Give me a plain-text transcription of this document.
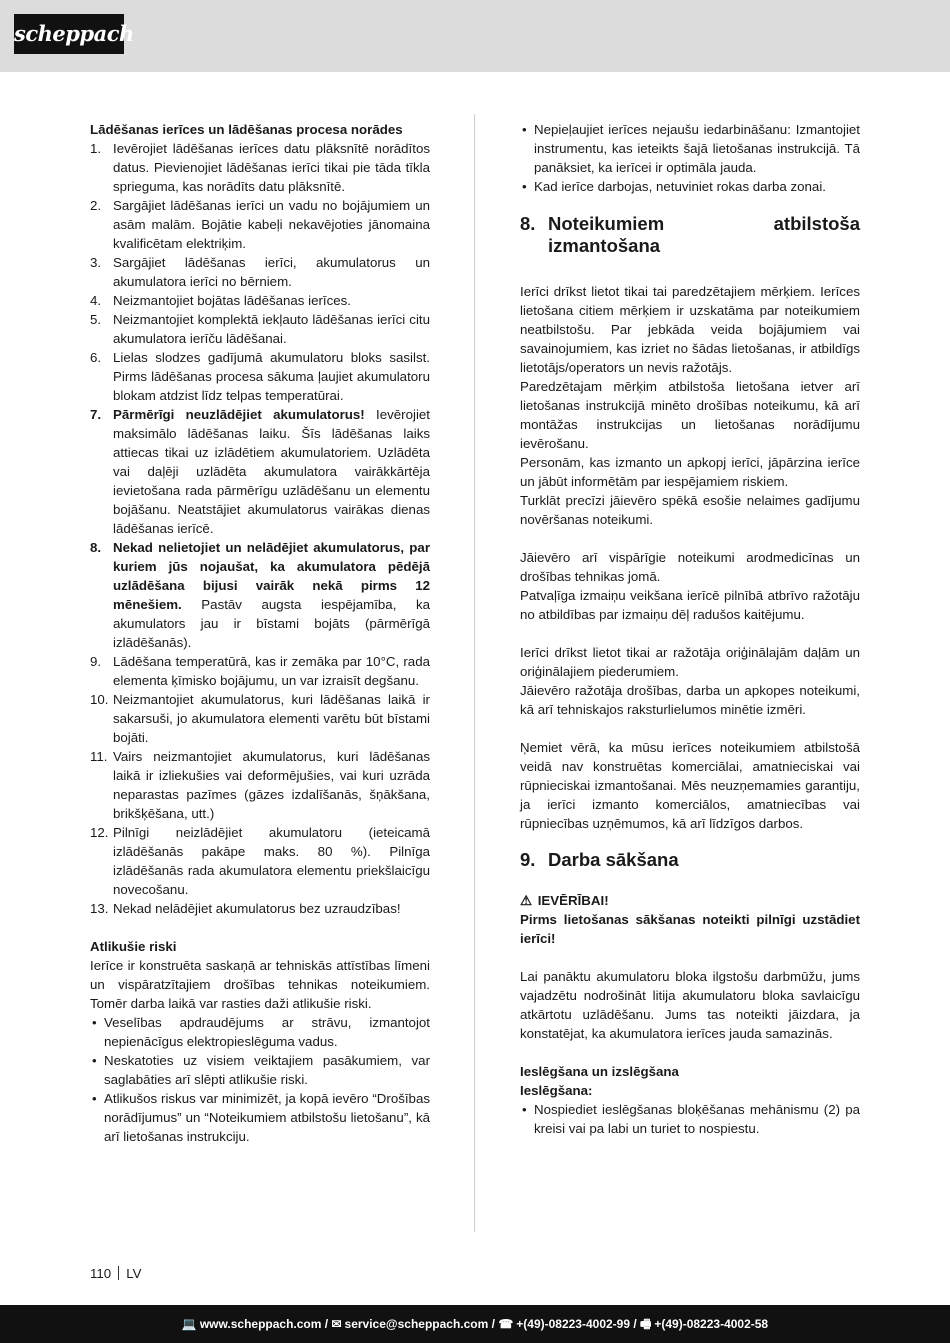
scheppach

Lādēšanas ierīces un lādēšanas procesa norādes

1. Ievērojiet lādēšanas ierīces datu plāksnītē norādītos datus. Pievienojiet lādēšanas ierīci tikai pie tāda tīkla sprieguma, kas norādīts datu plāksnītē.
2. Sargājiet lādēšanas ierīci un vadu no bojājumiem un asām malām. Bojātie kabeļi nekavējoties jānomaina kvalificētam elektriķim.
3. Sargājiet lādēšanas ierīci, akumulatorus un akumulatora ierīci no bērniem.
4. Neizmantojiet bojātas lādēšanas ierīces.
5. Neizmantojiet komplektā iekļauto lādēšanas ierīci citu akumulatora ierīču lādēšanai.
6. Lielas slodzes gadījumā akumulatoru bloks sasilst. Pirms lādēšanas procesa sākuma ļaujiet akumulatoru blokam atdzist līdz telpas temperatūrai.
7. Pārmērīgi neuzlādējiet akumulatorus! Ievērojiet maksimālo lādēšanas laiku. Šīs lādēšanas laiks attiecas tikai uz izlādētiem akumulatoriem. Uzlādēta vai daļēji uzlādēta akumulatora vairākkārtēja ievietošana rada pārmērīgu uzlādēšanu un elementu bojāšanu. Neatstājiet akumulatorus vairākas dienas lādēšanas ierīcē.
8. Nekad nelietojiet un nelādējiet akumulatorus, par kuriem jūs nojaušat, ka akumulatora pēdējā uzlādēšana bijusi vairāk nekā pirms 12 mēnešiem. Pastāv augsta iespējamība, ka akumulators jau ir bīstami bojāts (pārmērīgā izlādēšanās).
9. Lādēšana temperatūrā, kas ir zemāka par 10°C, rada elementa ķīmisko bojājumu, un var izraisīt degšanu.
10. Neizmantojiet akumulatorus, kuri lādēšanas laikā ir sakarsuši, jo akumulatora elementi varētu būt bīstami bojāti.
11. Vairs neizmantojiet akumulatorus, kuri lādēšanas laikā ir izliekušies vai deformējušies, vai kuri uzrāda neparastas pazīmes (gāzes izdalīšanās, šņākšana, brikšķēšana, utt.)
12. Pilnīgi neizlādējiet akumulatoru (ieteicamā izlādēšanās pakāpe maks. 80 %). Pilnīga izlādēšanās rada akumulatora elementu priekšlaicīgu novecošanu.
13. Nekad nelādējiet akumulatorus bez uzraudzības!

Atlikušie riski

Ierīce ir konstruēta saskaņā ar tehniskās attīstības līmeni un vispāratzītajiem drošības tehnikas noteikumiem. Tomēr darba laikā var rasties daži atlikušie riski.

• Veselības apdraudējums ar strāvu, izmantojot nepienācīgus elektropieslēguma vadus.
• Neskatoties uz visiem veiktajiem pasākumiem, var saglabāties arī slēpti atlikušie riski.
• Atlikušos riskus var minimizēt, ja kopā ievēro “Drošības norādījumus” un “Noteikumiem atbilstošu lietošanu”, kā arī lietošanas instrukciju.
• Nepieļaujiet ierīces nejaušu iedarbināšanu: Izmantojiet instrumentu, kas ieteikts šajā lietošanas instrukcijā. Tā panāksiet, ka ierīcei ir optimāla jauda.
• Kad ierīce darbojas, netuviniet rokas darba zonai.

8. Noteikumiem atbilstoša izmantošana

Ierīci drīkst lietot tikai tai paredzētajiem mērķiem. Ierīces lietošana citiem mērķiem ir uzskatāma par noteikumiem neatbilstošu. Par jebkāda veida bojājumiem vai savainojumiem, kas izriet no šādas lietošanas, ir atbildīgs lietotājs/operators un nevis ražotājs.

Paredzētajam mērķim atbilstoša lietošana ietver arī lietošanas instrukcijā minēto drošības noteikumu, kā arī montāžas instrukcijas un lietošanas norādījumu ievērošanu.

Personām, kas izmanto un apkopj ierīci, jāpārzina ierīce un jābūt informētām par iespējamiem riskiem.

Turklāt precīzi jāievēro spēkā esošie nelaimes gadījumu novēršanas noteikumi.

Jāievēro arī vispārīgie noteikumi arodmedicīnas un drošības tehnikas jomā.

Patvaļīga izmaiņu veikšana ierīcē pilnībā atbrīvo ražotāju no atbildības par izmaiņu dēļ radušos kaitējumu.

Ierīci drīkst lietot tikai ar ražotāja oriģinālajām daļām un oriģinālajiem piederumiem.

Jāievēro ražotāja drošības, darba un apkopes noteikumi, kā arī tehniskajos raksturlielumos minētie izmēri.

Ņemiet vērā, ka mūsu ierīces noteikumiem atbilstošā veidā nav konstruētas komerciālai, amatnieciskai vai rūpnieciskai izmantošanai. Mēs neuzņemamies garantiju, ja ierīci izmanto komerciālos, amatniecības vai rūpniecības uzņēmumos, kā arī līdzīgos darbos.

9. Darba sākšana

⚠ IEVĒRĪBAI!

Pirms lietošanas sākšanas noteikti pilnīgi uzstādiet ierīci!

Lai panāktu akumulatoru bloka ilgstošu darbmūžu, jums vajadzētu nodrošināt litija akumulatoru bloka savlaicīgu atkārtotu uzlādēšanu. Jums tas noteikti jāizdara, ja konstatējat, ka akumulatora ierīces jauda samazinās.

Ieslēgšana un izslēgšana

Ieslēgšana:

• Nospiediet ieslēgšanas bloķēšanas mehānismu (2) pa kreisi vai pa labi un turiet to nospiestu.
110 LV
💻 www.scheppach.com / ✉ service@scheppach.com / ☎ +(49)-08223-4002-99 / 🖷 +(49)-08223-4002-58
